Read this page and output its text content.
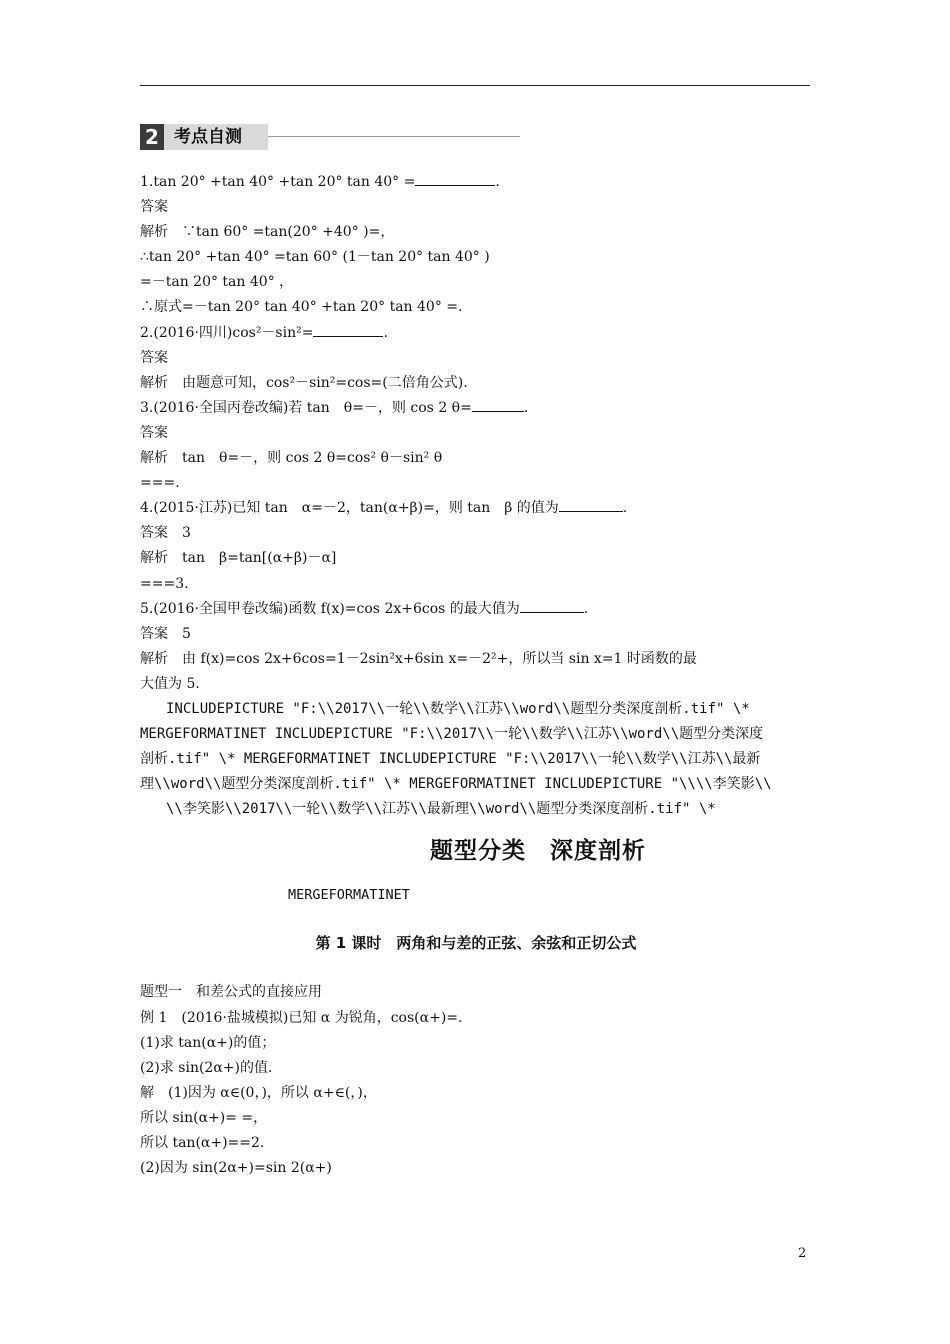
2 考点自测
1.tan 20° +tan 40° +tan 20° tan 40° =	.
答案
解析　∵tan 60° =tan(20° +40° )=，
∴tan 20° +tan 40° =tan 60° (1－tan 20° tan 40° )
=－tan 20° tan 40° ，
∴原式=－tan 20° tan 40° +tan 20° tan 40° =.
2.(2016·四川)cos²－sin²=	.
答案
解析　由题意可知，cos²－sin²=cos=(二倍角公式).
3.(2016·全国丙卷改编)若 tan　θ=－，则 cos 2 θ=	.
答案
解析　tan　θ=－，则 cos 2 θ=cos² θ－sin² θ
===.
4.(2015·江苏)已知 tan　α=－2，tan(α+β)=，则 tan　β 的值为	.
答案　3
解析　tan　β=tan[(α+β)－α]
===3.
5.(2016·全国甲卷改编)函数 f(x)=cos 2x+6cos 的最大值为	.
答案　5
解析　由 f(x)=cos 2x+6cos=1－2sin²x+6sin x=－2²+，所以当 sin x=1 时函数的最
大值为 5.
INCLUDEPICTURE "F:\\2017\\一轮\\数学\\江苏\\word\\题型分类深度剖析.tif" \*
MERGEFORMATINET INCLUDEPICTURE "F:\\2017\\一轮\\数学\\江苏\\word\\题型分类深度
剖析.tif" \* MERGEFORMATINET INCLUDEPICTURE "F:\\2017\\一轮\\数学\\江苏\\最新
理\\word\\题型分类深度剖析.tif" \* MERGEFORMATINET INCLUDEPICTURE "\\\\李笑影\\
\\李笑影\\2017\\一轮\\数学\\江苏\\最新理\\word\\题型分类深度剖析.tif" \*
题型分类　深度剖析
MERGEFORMATINET
第 1 课时　两角和与差的正弦、余弦和正切公式
题型一　和差公式的直接应用
例 1　(2016·盐城模拟)已知 α 为锐角，cos(α+)=.
(1)求 tan(α+)的值；
(2)求 sin(2α+)的值.
解　(1)因为 α∈(0，)，所以 α+∈(，)，
所以 sin(α+)= =，
所以 tan(α+)==2.
(2)因为 sin(2α+)=sin 2(α+)
2
